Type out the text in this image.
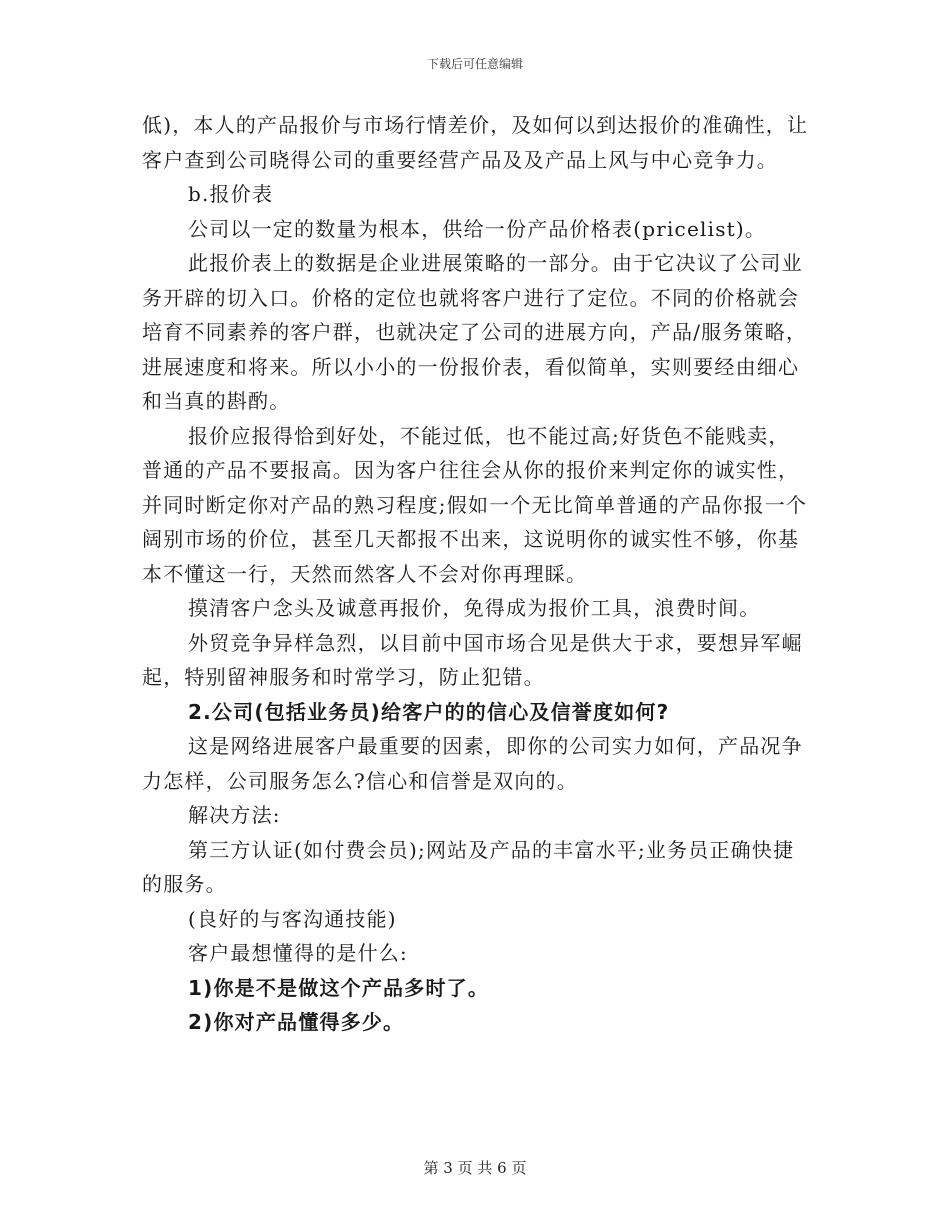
下载后可任意编辑

低)，本人的产品报价与市场行情差价，及如何以到达报价的准确性，让客户查到公司晓得公司的重要经营产品及及产品上风与中心竞争力。

b.报价表

公司以一定的数量为根本，供给一份产品价格表(pricelist)。

此报价表上的数据是企业进展策略的一部分。由于它决议了公司业务开辟的切入口。价格的定位也就将客户进行了定位。不同的价格就会培育不同素养的客户群，也就决定了公司的进展方向，产品/服务策略，进展速度和将来。所以小小的一份报价表，看似简单，实则要经由细心和当真的斟酌。

报价应报得恰到好处，不能过低，也不能过高;好货色不能贱卖，普通的产品不要报高。因为客户往往会从你的报价来判定你的诚实性，并同时断定你对产品的熟习程度;假如一个无比简单普通的产品你报一个阔别市场的价位，甚至几天都报不出来，这说明你的诚实性不够，你基本不懂这一行，天然而然客人不会对你再理睬。

摸清客户念头及诚意再报价，免得成为报价工具，浪费时间。

外贸竞争异样急烈，以目前中国市场合见是供大于求，要想异军崛起，特别留神服务和时常学习，防止犯错。

2.公司(包括业务员)给客户的的信心及信誉度如何?

这是网络进展客户最重要的因素，即你的公司实力如何，产品况争力怎样，公司服务怎么?信心和信誉是双向的。

解决方法:

第三方认证(如付费会员);网站及产品的丰富水平;业务员正确快捷的服务。

(良好的与客沟通技能)

客户最想懂得的是什么:

1)你是不是做这个产品多时了。

2)你对产品懂得多少。

第 3 页 共 6 页
